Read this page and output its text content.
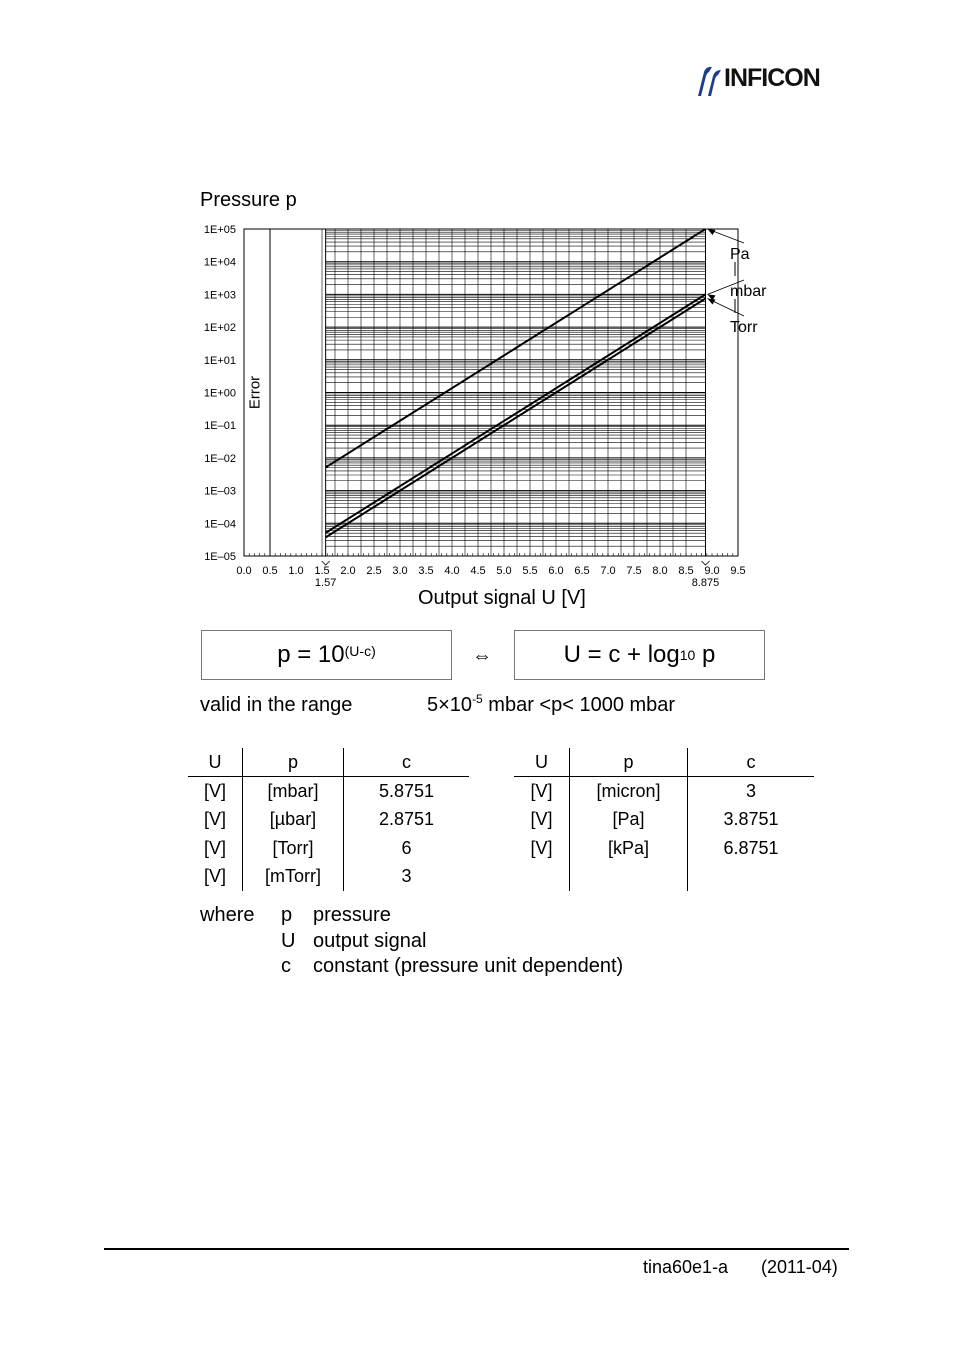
INFICON
Pressure p
0.0 0.5 1.0 1.5 2.0 2.5 3.0 3.5 4.0 4.5 5.0 5.5 6.0 6.5 7.0 7.5 8.0 8.5 9.0 9.5
1.57	8.875
1E–05
1E–04
1E–03
1E–02
1E–01
1E+00
1E+01
1E+02
1E+03
1E+04
1E+05
Error
Pa
mbar
Torr
Output signal U [V]
$p = 10^{(U-c)}$	⇔	U = c + log 10 p
valid in the range	$5\times 10^{-5}$ mbar <p< 1000 mbar
U	p	c
[V]	[mbar]	5.8751
[V]	[µbar]	2.8751
[V]	[Torr]	6
[V]	[mTorr]	3
U	p	c
[V]	[micron]	3
[V]	[Pa]	3.8751
[V]	[kPa]	6.8751

where p pressure
U output signal
c constant (pressure unit dependent)
tina60e1-a (2011-04)
